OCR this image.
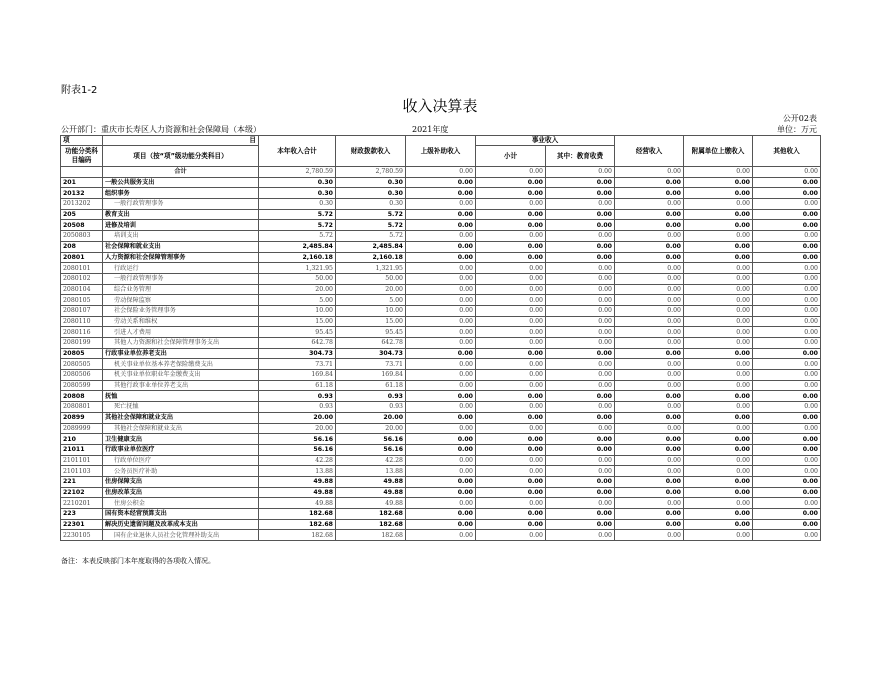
附表1-2
收入决算表
公开02表
公开部门：重庆市长寿区人力资源和社会保障局（本级）	2021年度	单位：万元
项	目	本年收入合计	财政拨款收入	上级补助收入	事业收入		经营收入	附属单位上缴收入	其他收入
功能分类科目编码	项目（按“项”级功能分类科目）								
					小计	其中：教育收费			
	合计	2,780.59	2,780.59	0.00	0.00	0.00	0.00	0.00	0.00
201	一般公共服务支出	0.30	0.30	0.00	0.00	0.00	0.00	0.00	0.00
20132	组织事务	0.30	0.30	0.00	0.00	0.00	0.00	0.00	0.00
2013202	一般行政管理事务	0.30	0.30	0.00	0.00	0.00	0.00	0.00	0.00
205	教育支出	5.72	5.72	0.00	0.00	0.00	0.00	0.00	0.00
20508	进修及培训	5.72	5.72	0.00	0.00	0.00	0.00	0.00	0.00
2050803	培训支出	5.72	5.72	0.00	0.00	0.00	0.00	0.00	0.00
208	社会保障和就业支出	2,485.84	2,485.84	0.00	0.00	0.00	0.00	0.00	0.00
20801	人力资源和社会保障管理事务	2,160.18	2,160.18	0.00	0.00	0.00	0.00	0.00	0.00
2080101	行政运行	1,321.95	1,321.95	0.00	0.00	0.00	0.00	0.00	0.00
2080102	一般行政管理事务	50.00	50.00	0.00	0.00	0.00	0.00	0.00	0.00
2080104	综合业务管理	20.00	20.00	0.00	0.00	0.00	0.00	0.00	0.00
2080105	劳动保障监察	5.00	5.00	0.00	0.00	0.00	0.00	0.00	0.00
2080107	社会保险业务管理事务	10.00	10.00	0.00	0.00	0.00	0.00	0.00	0.00
2080110	劳动关系和维权	15.00	15.00	0.00	0.00	0.00	0.00	0.00	0.00
2080116	引进人才费用	95.45	95.45	0.00	0.00	0.00	0.00	0.00	0.00
2080199	其他人力资源和社会保障管理事务支出	642.78	642.78	0.00	0.00	0.00	0.00	0.00	0.00
20805	行政事业单位养老支出	304.73	304.73	0.00	0.00	0.00	0.00	0.00	0.00
2080505	机关事业单位基本养老保险缴费支出	73.71	73.71	0.00	0.00	0.00	0.00	0.00	0.00
2080506	机关事业单位职业年金缴费支出	169.84	169.84	0.00	0.00	0.00	0.00	0.00	0.00
2080599	其他行政事业单位养老支出	61.18	61.18	0.00	0.00	0.00	0.00	0.00	0.00
20808	抚恤	0.93	0.93	0.00	0.00	0.00	0.00	0.00	0.00
2080801	死亡抚恤	0.93	0.93	0.00	0.00	0.00	0.00	0.00	0.00
20899	其他社会保障和就业支出	20.00	20.00	0.00	0.00	0.00	0.00	0.00	0.00
2089999	其他社会保障和就业支出	20.00	20.00	0.00	0.00	0.00	0.00	0.00	0.00
210	卫生健康支出	56.16	56.16	0.00	0.00	0.00	0.00	0.00	0.00
21011	行政事业单位医疗	56.16	56.16	0.00	0.00	0.00	0.00	0.00	0.00
2101101	行政单位医疗	42.28	42.28	0.00	0.00	0.00	0.00	0.00	0.00
2101103	公务员医疗补助	13.88	13.88	0.00	0.00	0.00	0.00	0.00	0.00
221	住房保障支出	49.88	49.88	0.00	0.00	0.00	0.00	0.00	0.00
22102	住房改革支出	49.88	49.88	0.00	0.00	0.00	0.00	0.00	0.00
2210201	住房公积金	49.88	49.88	0.00	0.00	0.00	0.00	0.00	0.00
223	国有资本经营预算支出	182.68	182.68	0.00	0.00	0.00	0.00	0.00	0.00
22301	解决历史遗留问题及改革成本支出	182.68	182.68	0.00	0.00	0.00	0.00	0.00	0.00
2230105	国有企业退休人员社会化管理补助支出	182.68	182.68	0.00	0.00	0.00	0.00	0.00	0.00
备注：本表反映部门本年度取得的各项收入情况。
